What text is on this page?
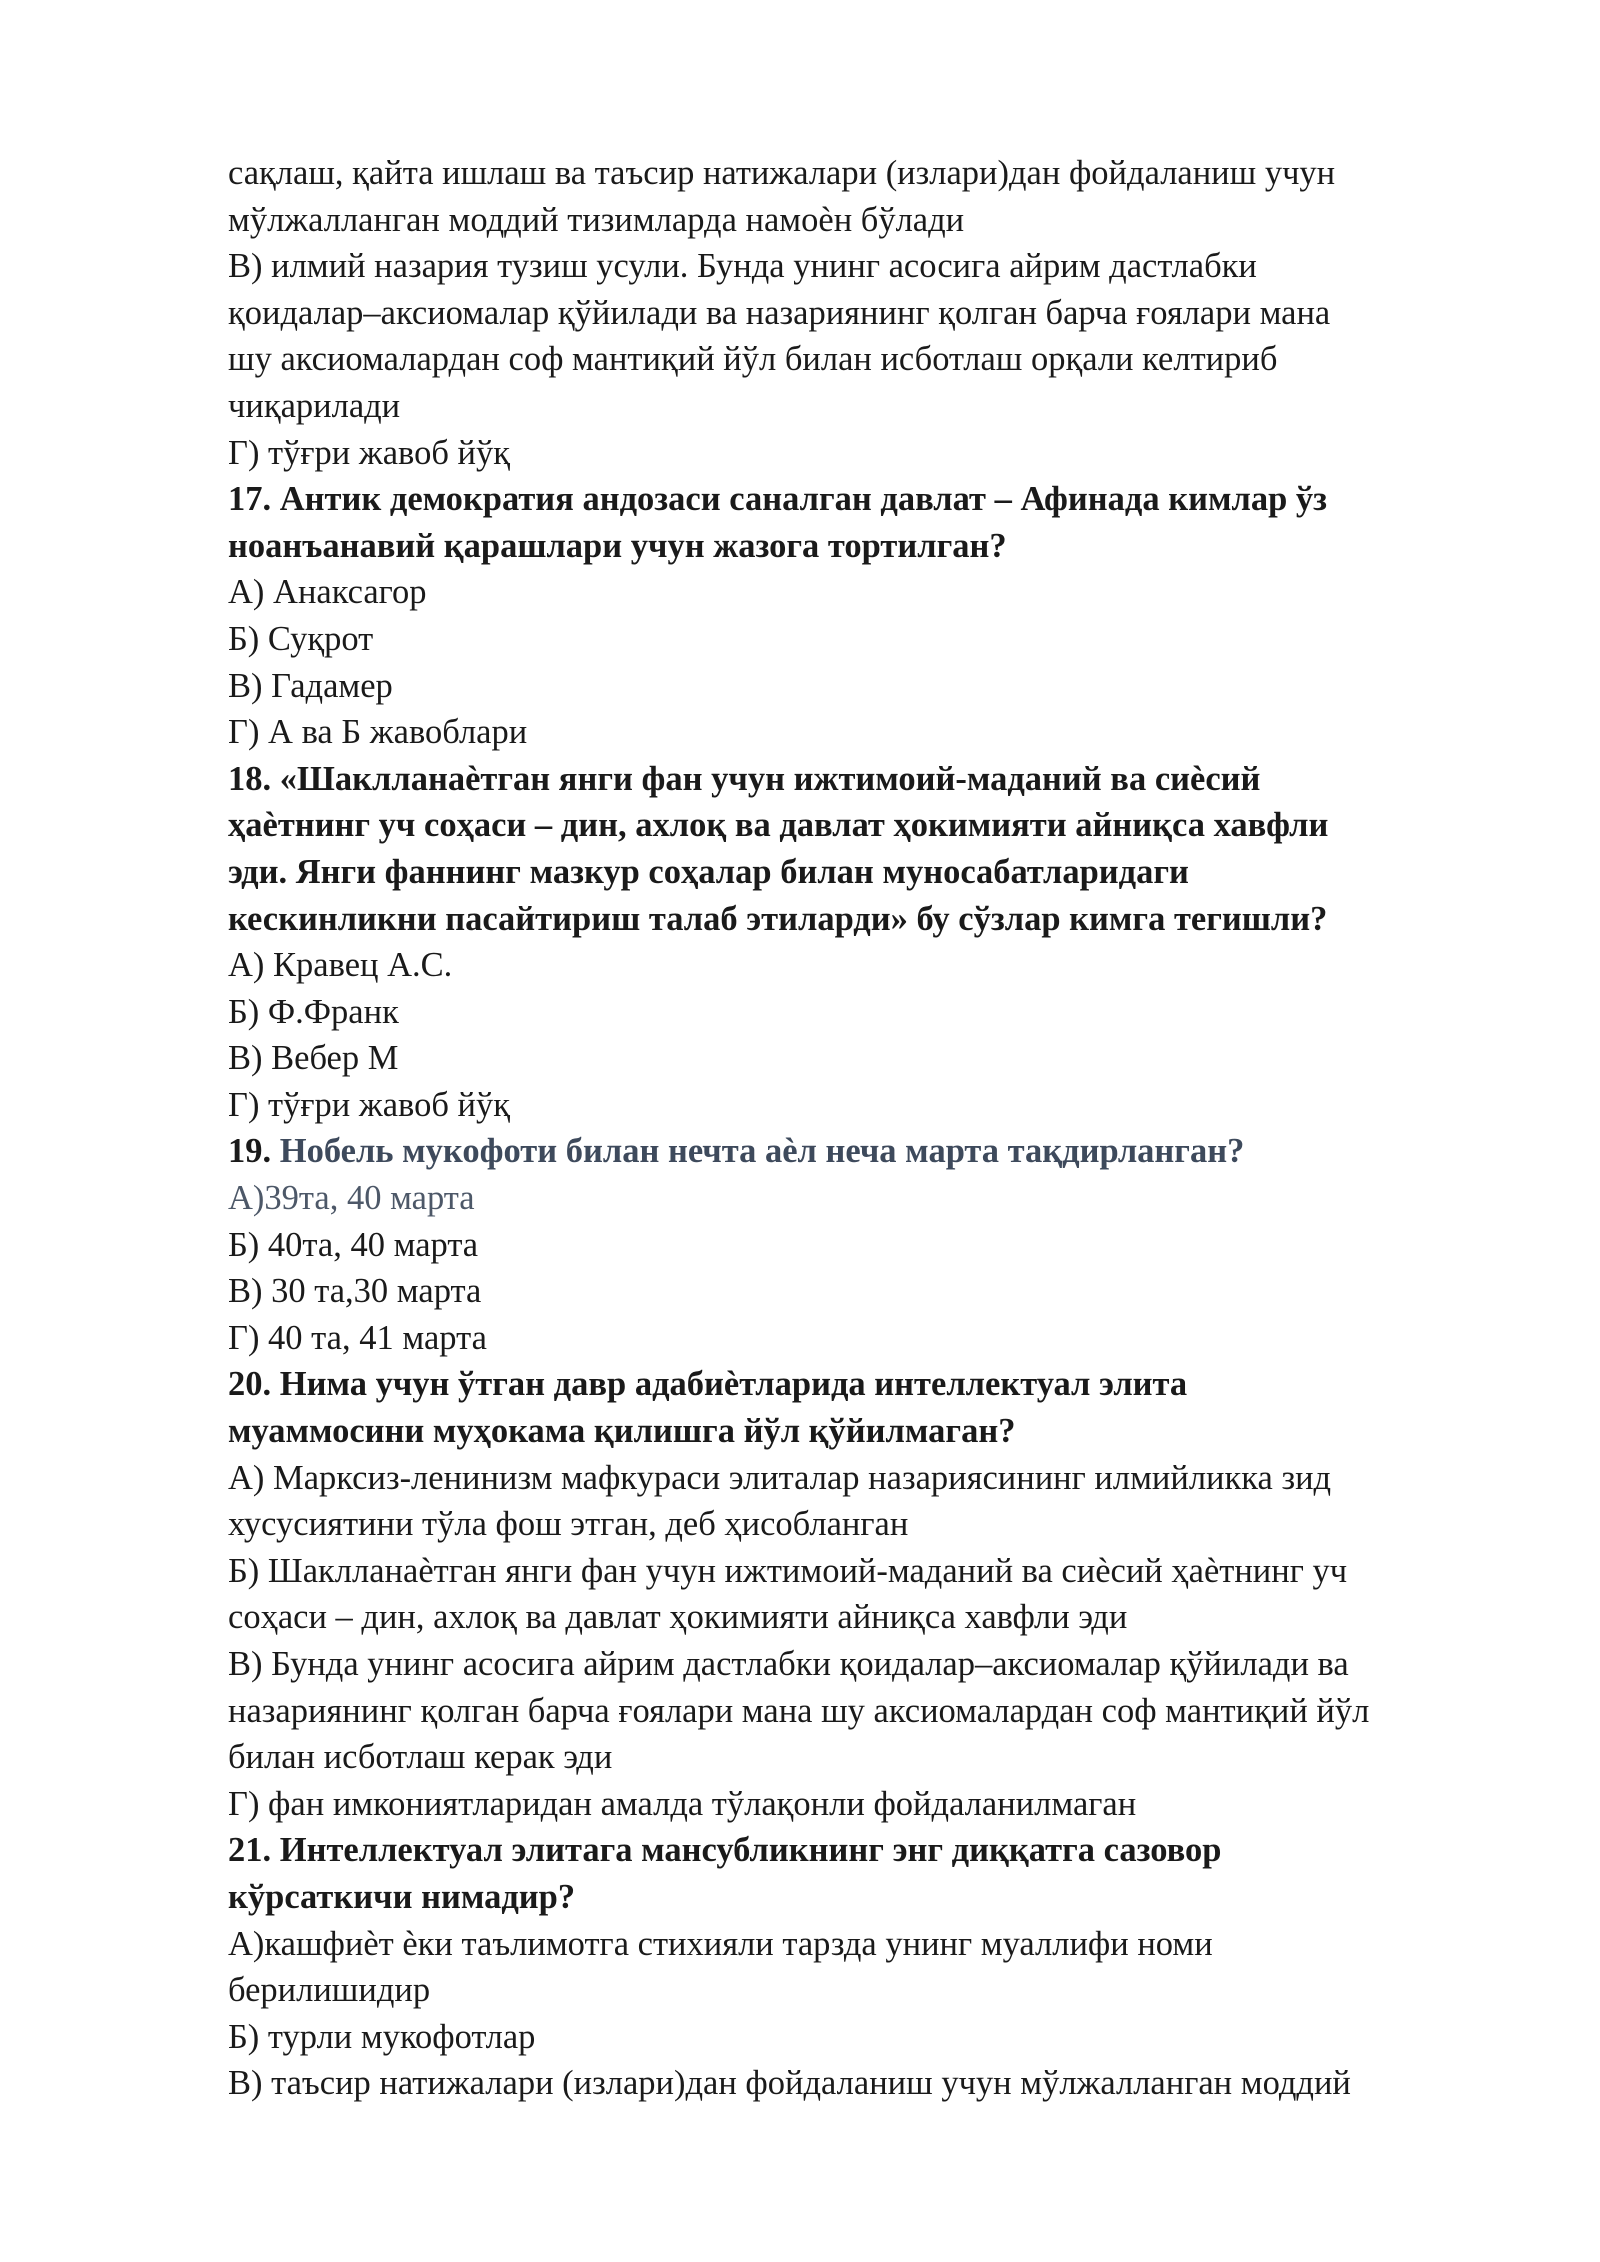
сақлаш, қайта ишлаш ва таъсир натижалари (излари)дан фойдаланиш учун
мўлжалланган моддий тизимларда намоѐн бўлади
В) илмий назария тузиш усули. Бунда унинг асосига айрим дастлабки
қоидалар–аксиомалар қўйилади ва назариянинг қолган барча ғоялари мана
шу аксиомалардан соф мантиқий йўл билан исботлаш орқали келтириб
чиқарилади
Г) тўғри жавоб йўқ
17. Антик демократия андозаси саналган давлат – Афинада кимлар ўз
ноанъанавий қарашлари учун жазога тортилган?
А) Анаксагор
Б) Суқрот
В) Гадамер
Г) А ва Б жавоблари
18. «Шаклланаѐтган янги фан учун ижтимоий-маданий ва сиѐсий
ҳаѐтнинг уч соҳаси – дин, ахлоқ ва давлат ҳокимияти айниқса хавфли
эди. Янги фаннинг мазкур соҳалар билан муносабатларидаги
кескинликни пасайтириш талаб этиларди» бу сўзлар кимга тегишли?
А) Кравец А.С.
Б) Ф.Франк
В) Вебер М
Г) тўғри жавоб йўқ
19. Нобель мукофоти билан нечта аѐл неча марта тақдирланган?
А)39та, 40 марта
Б) 40та, 40 марта
В) 30 та,30 марта
Г) 40 та, 41 марта
20. Нима учун ўтган давр адабиѐтларида интеллектуал элита
муаммосини муҳокама қилишга йўл қўйилмаган?
А) Марксиз-ленинизм мафкураси элиталар назариясининг илмийликка зид
хусусиятини тўла фош этган, деб ҳисобланган
Б) Шаклланаѐтган янги фан учун ижтимоий-маданий ва сиѐсий ҳаѐтнинг уч
соҳаси – дин, ахлоқ ва давлат ҳокимияти айниқса хавфли эди
В) Бунда унинг асосига айрим дастлабки қоидалар–аксиомалар қўйилади ва
назариянинг қолган барча ғоялари мана шу аксиомалардан соф мантиқий йўл
билан исботлаш керак эди
Г) фан имкониятларидан амалда тўлақонли фойдаланилмаган
21. Интеллектуал элитага мансубликнинг энг диққатга сазовор
кўрсаткичи нимадир?
А)кашфиѐт ѐки таълимотга стихияли тарзда унинг муаллифи номи
берилишидир
Б) турли мукофотлар
В) таъсир натижалари (излари)дан фойдаланиш учун мўлжалланган моддий
